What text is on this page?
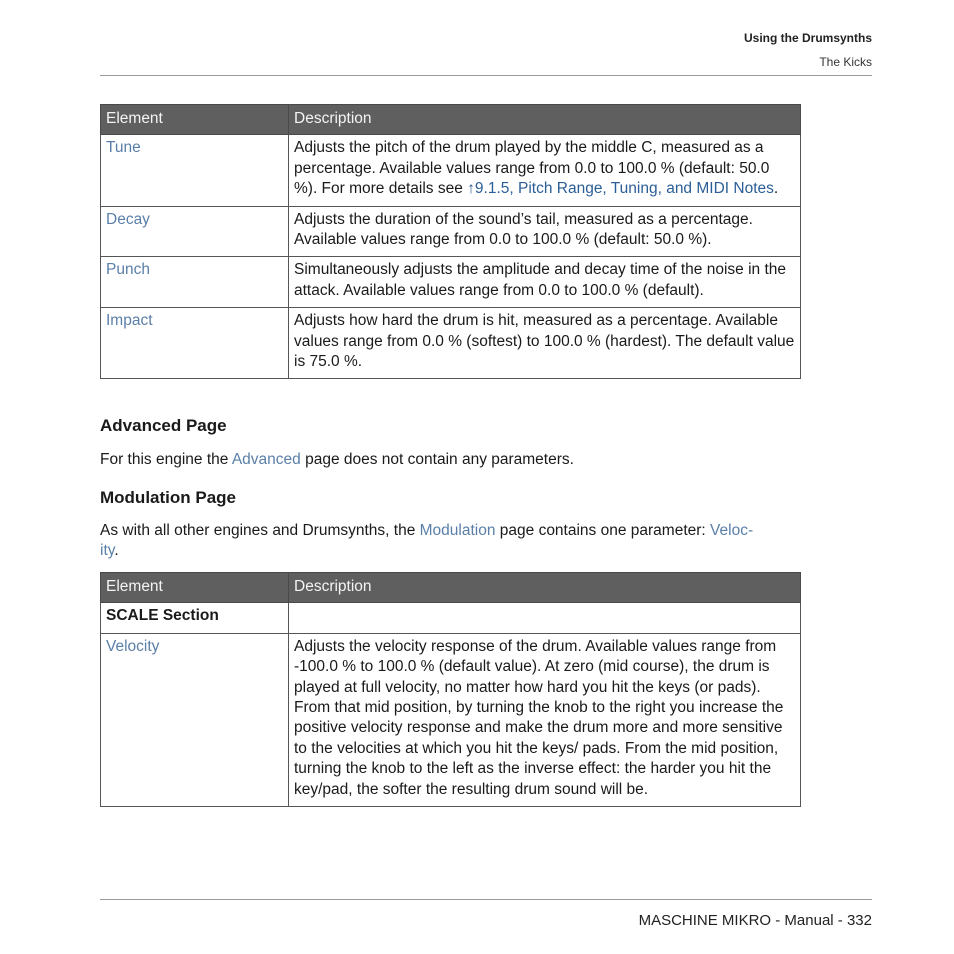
Using the Drumsynths
The Kicks
Element	Description
Tune	Adjusts the pitch of the drum played by the middle C, measured as a percentage. Available values range from 0.0 to 100.0 % (default: 50.0 %). For more details see ↑9.1.5, Pitch Range, Tuning, and MIDI Notes.
Decay	Adjusts the duration of the sound’s tail, measured as a percentage. Available values range from 0.0 to 100.0 % (default: 50.0 %).
Punch	Simultaneously adjusts the amplitude and decay time of the noise in the attack. Available values range from 0.0 to 100.0 % (default).
Impact	Adjusts how hard the drum is hit, measured as a percentage. Available values range from 0.0 % (softest) to 100.0 % (hardest). The default value is 75.0 %.
Advanced Page
For this engine the Advanced page does not contain any parameters.
Modulation Page
As with all other engines and Drumsynths, the Modulation page contains one parameter: Veloc-
ity.
Element	Description
SCALE Section	
Velocity	Adjusts the velocity response of the drum. Available values range from -100.0 % to 100.0 % (default value). At zero (mid course), the drum is played at full velocity, no matter how hard you hit the keys (or pads). From that mid position, by turning the knob to the right you increase the positive velocity response and make the drum more and more sensitive to the velocities at which you hit the keys/ pads. From the mid position, turning the knob to the left as the inverse effect: the harder you hit the key/pad, the softer the resulting drum sound will be.
MASCHINE MIKRO - Manual - 332
